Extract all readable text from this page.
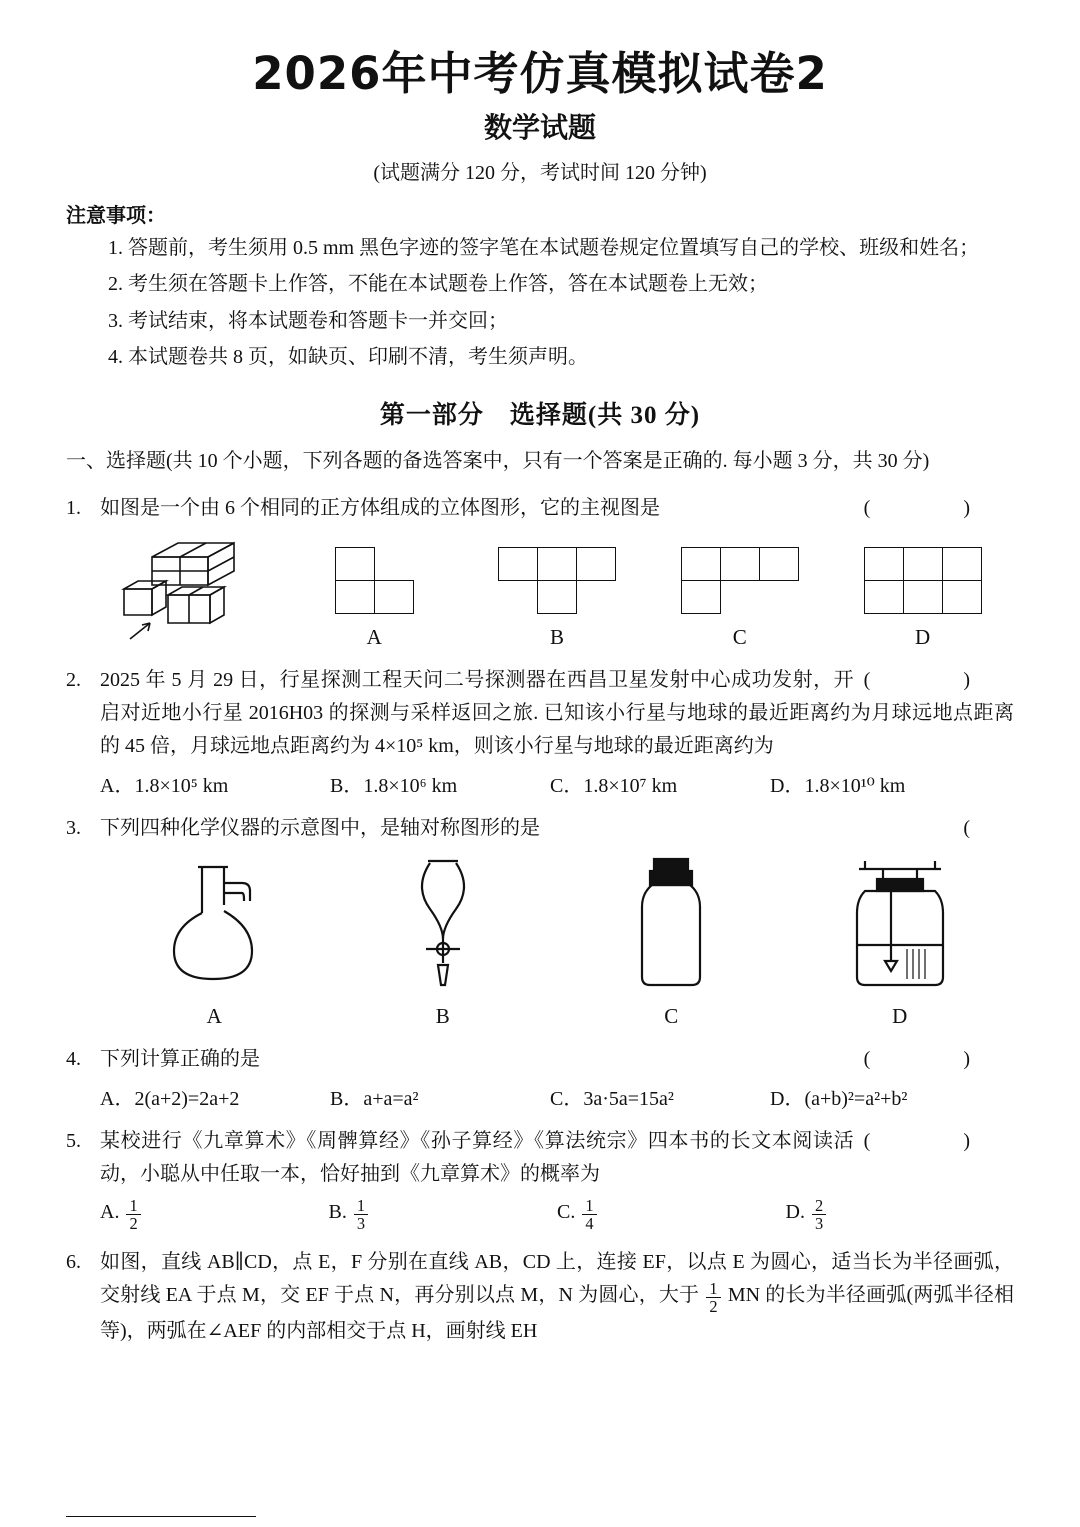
2026年中考仿真模拟试卷2
数学试题
(试题满分 120 分，考试时间 120 分钟)
注意事项：

1. 答题前，考生须用 0.5 mm 黑色字迹的签字笔在本试题卷规定位置填写自己的学校、班级和姓名；

2. 考生须在答题卡上作答，不能在本试题卷上作答，答在本试题卷上无效；

3. 考试结束，将本试题卷和答题卡一并交回；

4. 本试题卷共 8 页，如缺页、印刷不清，考生须声明。

第一部分　选择题(共 30 分)

一、选择题(共 10 个小题，下列各题的备选答案中，只有一个答案是正确的. 每小题 3 分，共 30 分)

1.	( )
如图是一个由 6 个相同的正方体组成的立体图形，它的主视图是

A

			B

			C

			D
2.	( )
2025 年 5 月 29 日，行星探测工程天问二号探测器在西昌卫星发射中心成功发射，开启对近地小行星 2016H03 的探测与采样返回之旅. 已知该小行星与地球的最近距离约为月球远地点距离的 45 倍，月球远地点距离约为 4×10⁵ km，则该小行星与地球的最近距离约为
A．1.8×10⁵ km	B．1.8×10⁶ km	C．1.8×10⁷ km	D．1.8×10¹⁰ km
3.	(
下列四种化学仪器的示意图中，是轴对称图形的是
A	B	C	D
4.	( )
下列计算正确的是
A．2(a+2)=2a+2	B．a+a=a²	C．3a·5a=15a²	D．(a+b)²=a²+b²
5.	( )
某校进行《九章算术》《周髀算经》《孙子算经》《算法统宗》四本书的长文本阅读活动，小聪从中任取一本，恰好抽到《九章算术》的概率为
A. $\frac{1}{2}$	B. $\frac{1}{3}$	C. $\frac{1}{4}$	D. $\frac{2}{3}$
6. 如图，直线 AB∥CD，点 E，F 分别在直线 AB，CD 上，连接 EF，以点 E 为圆心，适当长为半径画弧，交射线 EA 于点 M，交 EF 于点 N，再分别以点 M，N 为圆心，大于 $\frac{1}{2}$ MN 的长为半径画弧(两弧半径相等)，两弧在∠AEF 的内部相交于点 H，画射线 EH
